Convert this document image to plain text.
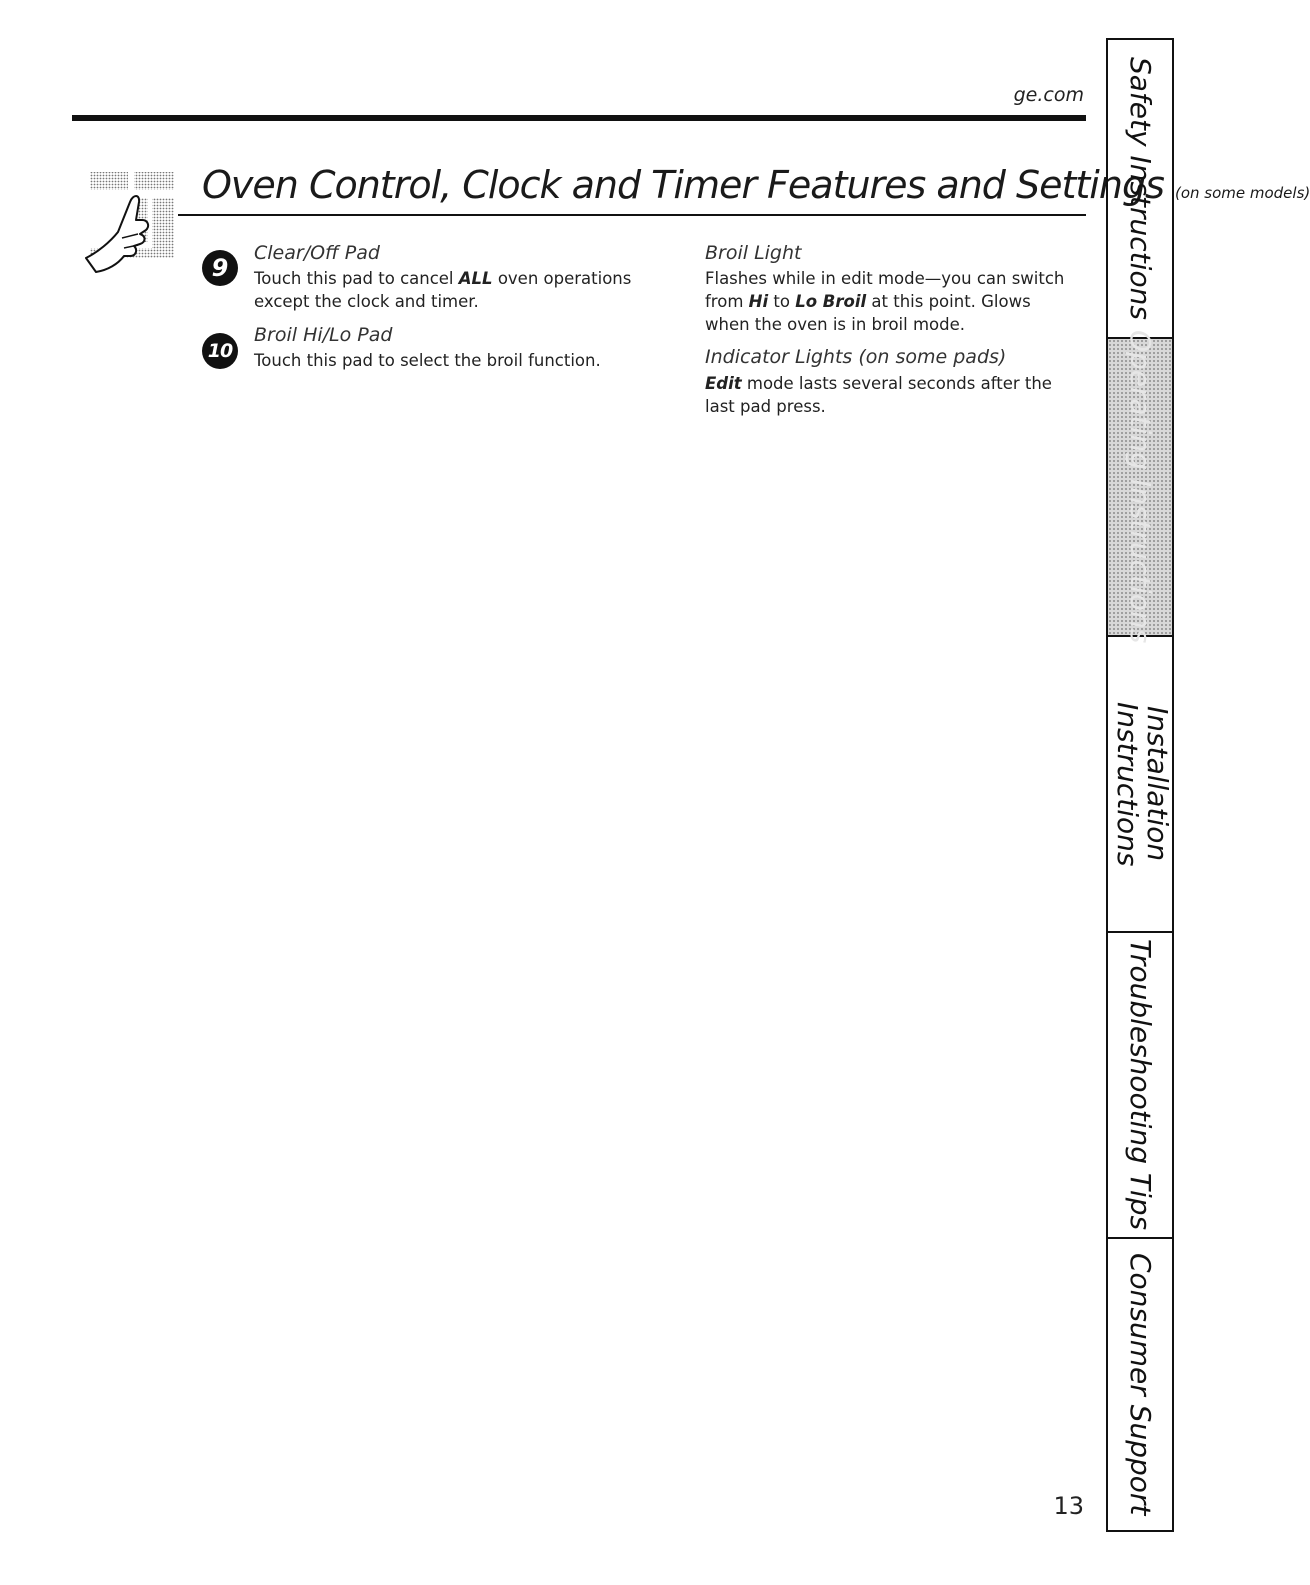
ge.com
Oven Control, Clock and Timer Features and Settings (on some models)
9
Clear/Off Pad
Touch this pad to cancel ALL oven operations except the clock and timer.
10
Broil Hi/Lo Pad
Touch this pad to select the broil function.
Broil Light
Flashes while in edit mode—you can switch from Hi to Lo Broil at this point. Glows when the oven is in broil mode.
Indicator Lights (on some pads)
Edit mode lasts several seconds after the last pad press.
Safety Instructions
Operating Instructions
Installation Instructions
Troubleshooting Tips
Consumer Support
13
